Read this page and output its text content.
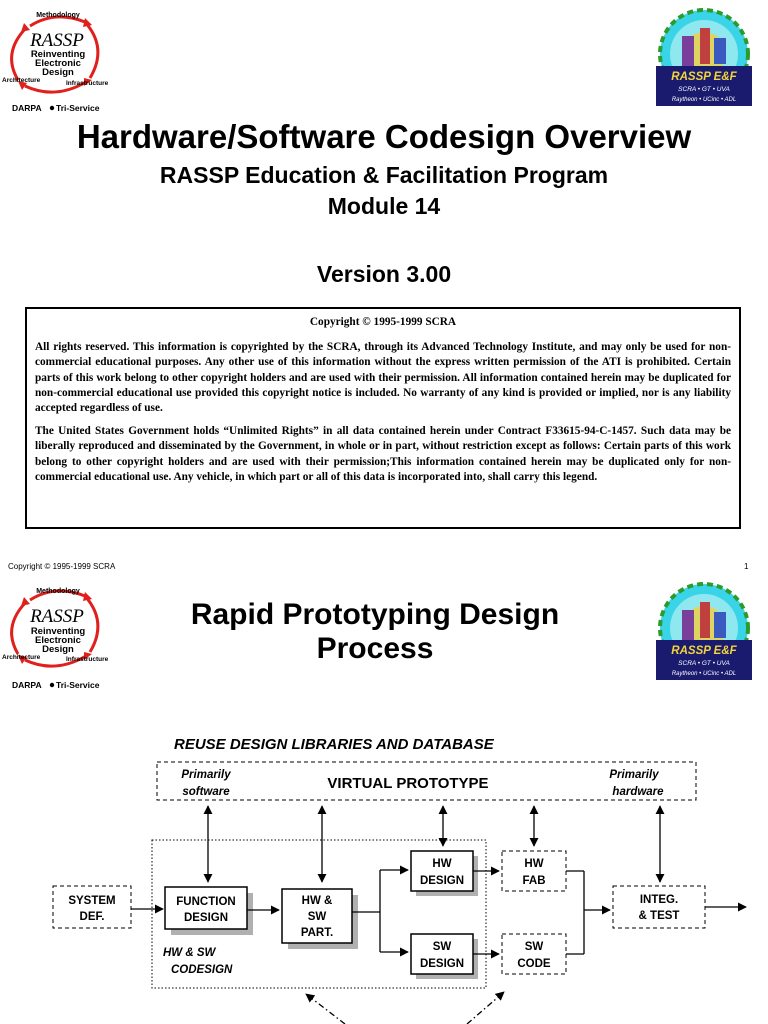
Methodology
RASSP
Reinventing
Electronic
Design
Architecture	Infrastructure
DARPA Tri-Service
RASSP E&F
SCRA • GT • UVA
Raytheon • UCinc • ADL
Hardware/Software Codesign Overview
RASSP Education & Facilitation Program
Module 14
Version 3.00
Copyright © 1995-1999 SCRA

All rights reserved. This information is copyrighted by the SCRA, through its Advanced Technology Institute, and may only be used for non-commercial educational purposes. Any other use of this information without the express written permission of the ATI is prohibited. Certain parts of this work belong to other copyright holders and are used with their permission. All information contained herein may be duplicated for non-commercial educational use provided this copyright notice is included. No warranty of any kind is provided or implied, nor is any liability accepted regardless of use.

The United States Government holds “Unlimited Rights” in all data contained herein under Contract F33615-94-C-1457. Such data may be liberally reproduced and disseminated by the Government, in whole or in part, without restriction except as follows: Certain parts of this work belong to other copyright holders and are used with their permission;This information contained herein may be duplicated only for non-commercial educational use. Any vehicle, in which part or all of this data is incorporated into, shall carry this legend.

Copyright © 1995-1999 SCRA	1
Methodology
RASSP
Reinventing
Electronic
Design
Architecture	Infrastructure
DARPA Tri-Service
RASSP E&F
SCRA • GT • UVA
Raytheon • UCinc • ADL
Rapid Prototyping Design
Process
REUSE DESIGN LIBRARIES AND DATABASE
Primarily
software	VIRTUAL PROTOTYPE	Primarily
hardware
HW & SW
CODESIGN
SYSTEM
DEF.
FUNCTION
DESIGN
HW &
SW
PART.
HW
DESIGN
SW
DESIGN
HW
FAB
SW
CODE
INTEG.
& TEST
